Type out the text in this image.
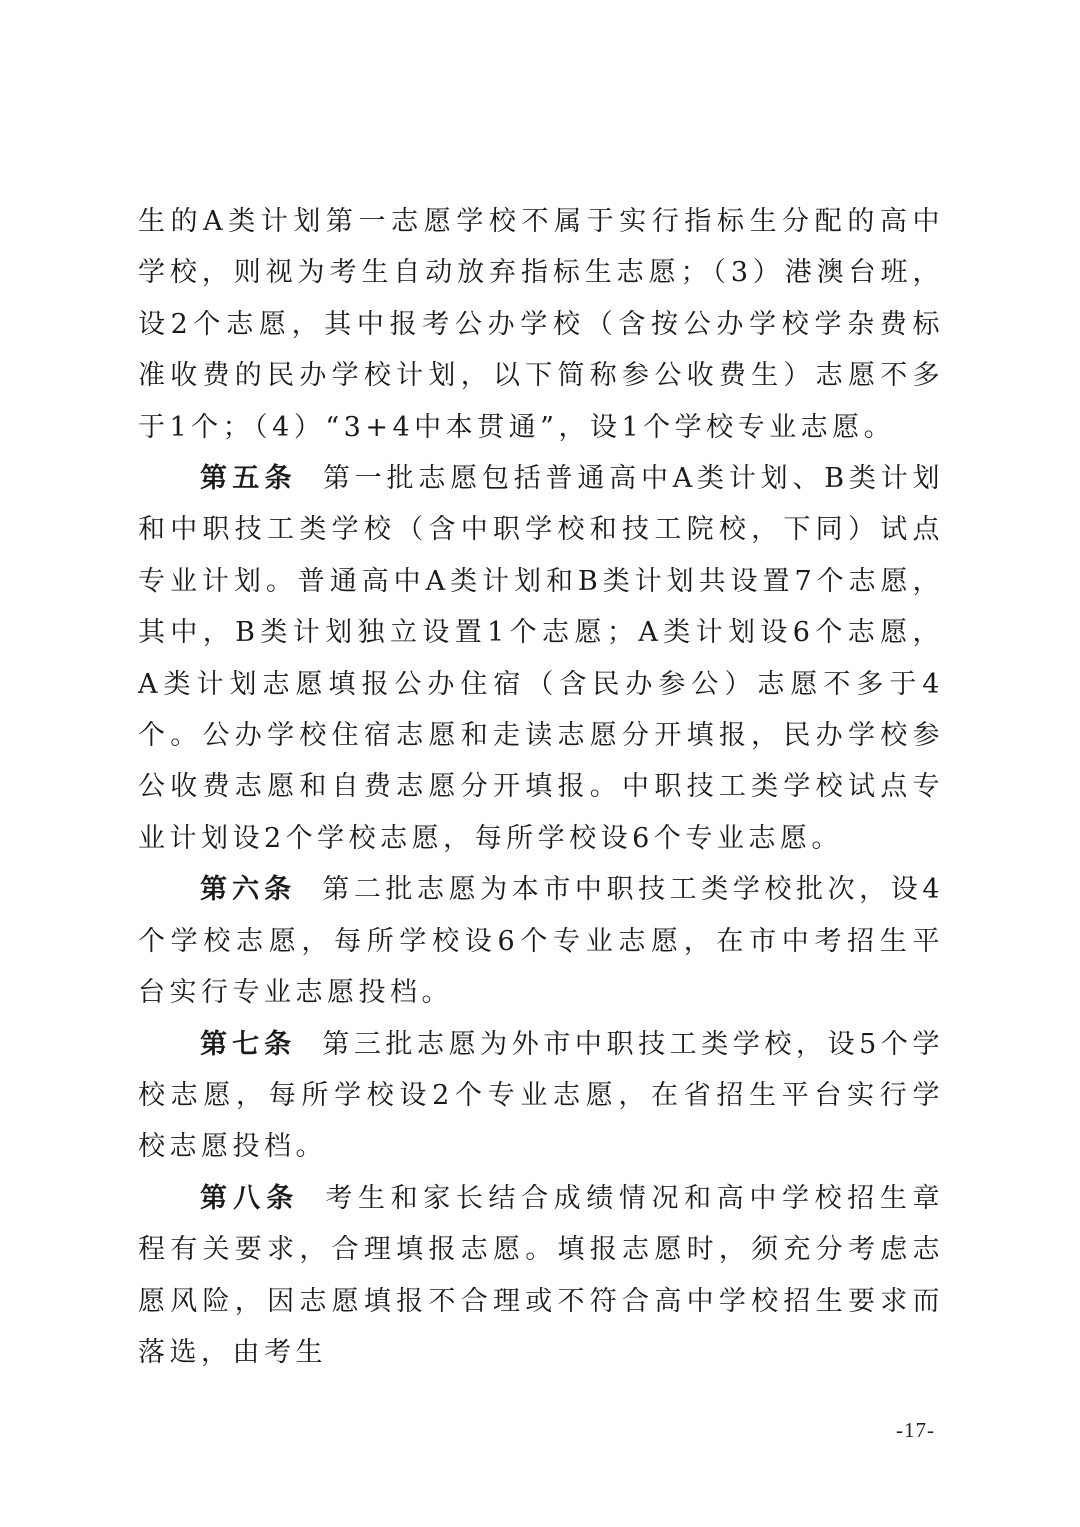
生的A类计划第一志愿学校不属于实行指标生分配的高中学校，则视为考生自动放弃指标生志愿；（3）港澳台班，设2个志愿，其中报考公办学校（含按公办学校学杂费标准收费的民办学校计划，以下简称参公收费生）志愿不多于1个；（4）“3+4中本贯通”，设1个学校专业志愿。

第五条 第一批志愿包括普通高中A类计划、B类计划和中职技工类学校（含中职学校和技工院校，下同）试点专业计划。普通高中A类计划和B类计划共设置7个志愿，其中，B类计划独立设置1个志愿；A类计划设6个志愿，A类计划志愿填报公办住宿（含民办参公）志愿不多于4个。公办学校住宿志愿和走读志愿分开填报，民办学校参公收费志愿和自费志愿分开填报。中职技工类学校试点专业计划设2个学校志愿，每所学校设6个专业志愿。

第六条 第二批志愿为本市中职技工类学校批次，设4个学校志愿，每所学校设6个专业志愿，在市中考招生平台实行专业志愿投档。

第七条 第三批志愿为外市中职技工类学校，设5个学校志愿，每所学校设2个专业志愿，在省招生平台实行学校志愿投档。

第八条 考生和家长结合成绩情况和高中学校招生章程有关要求，合理填报志愿。填报志愿时，须充分考虑志愿风险，因志愿填报不合理或不符合高中学校招生要求而落选，由考生

-17-
